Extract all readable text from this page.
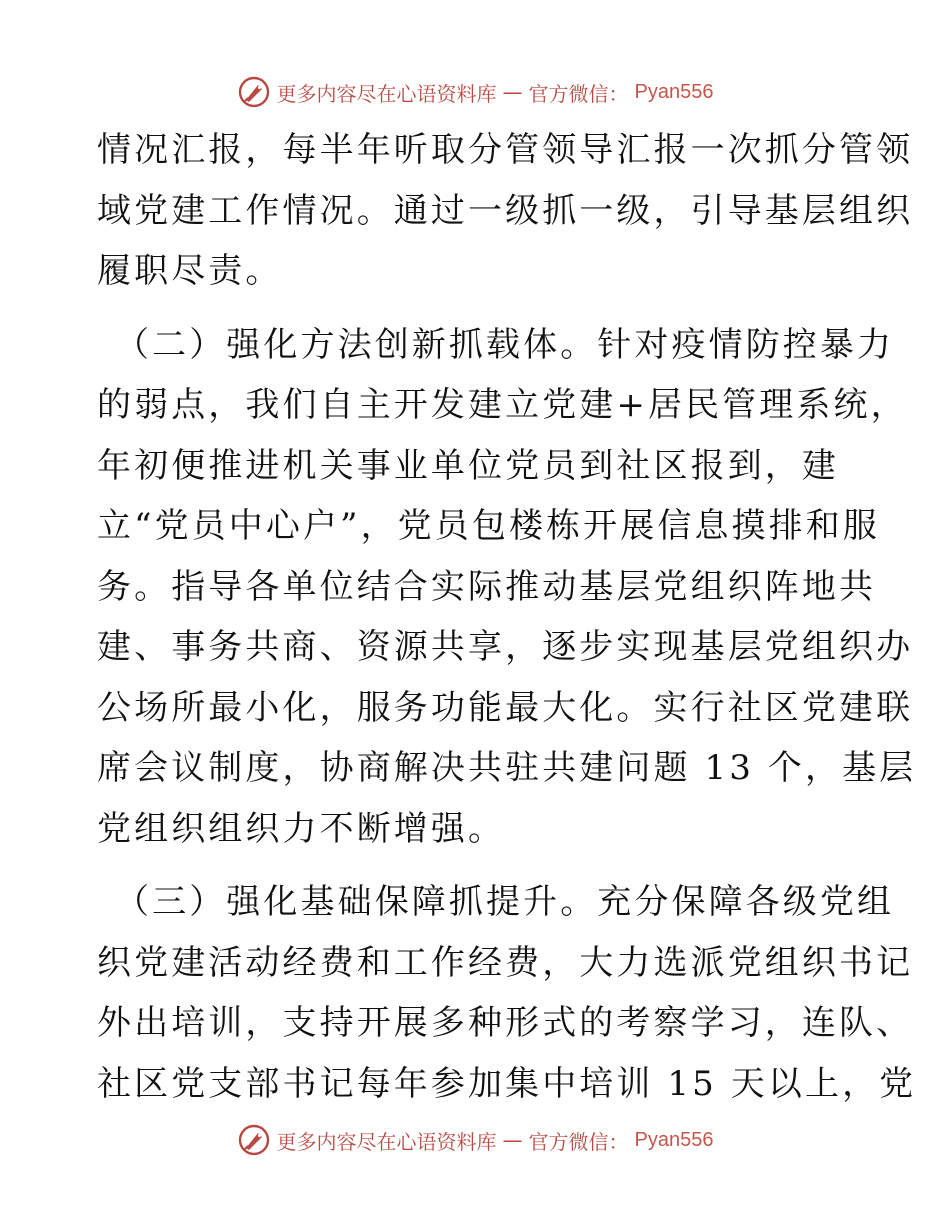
更多内容尽在心语资料库 — 官方微信： Pyan556
情况汇报，每半年听取分管领导汇报一次抓分管领
域党建工作情况。通过一级抓一级，引导基层组织
履职尽责。
（二）强化方法创新抓载体。针对疫情防控暴力
的弱点，我们自主开发建立党建+居民管理系统，
年初便推进机关事业单位党员到社区报到，建
立“党员中心户”，党员包楼栋开展信息摸排和服
务。指导各单位结合实际推动基层党组织阵地共
建、事务共商、资源共享，逐步实现基层党组织办
公场所最小化，服务功能最大化。实行社区党建联
席会议制度，协商解决共驻共建问题 13 个，基层
党组织组织力不断增强。
（三）强化基础保障抓提升。充分保障各级党组
织党建活动经费和工作经费，大力选派党组织书记
外出培训，支持开展多种形式的考察学习，连队、
社区党支部书记每年参加集中培训 15 天以上，党
更多内容尽在心语资料库 — 官方微信： Pyan556
